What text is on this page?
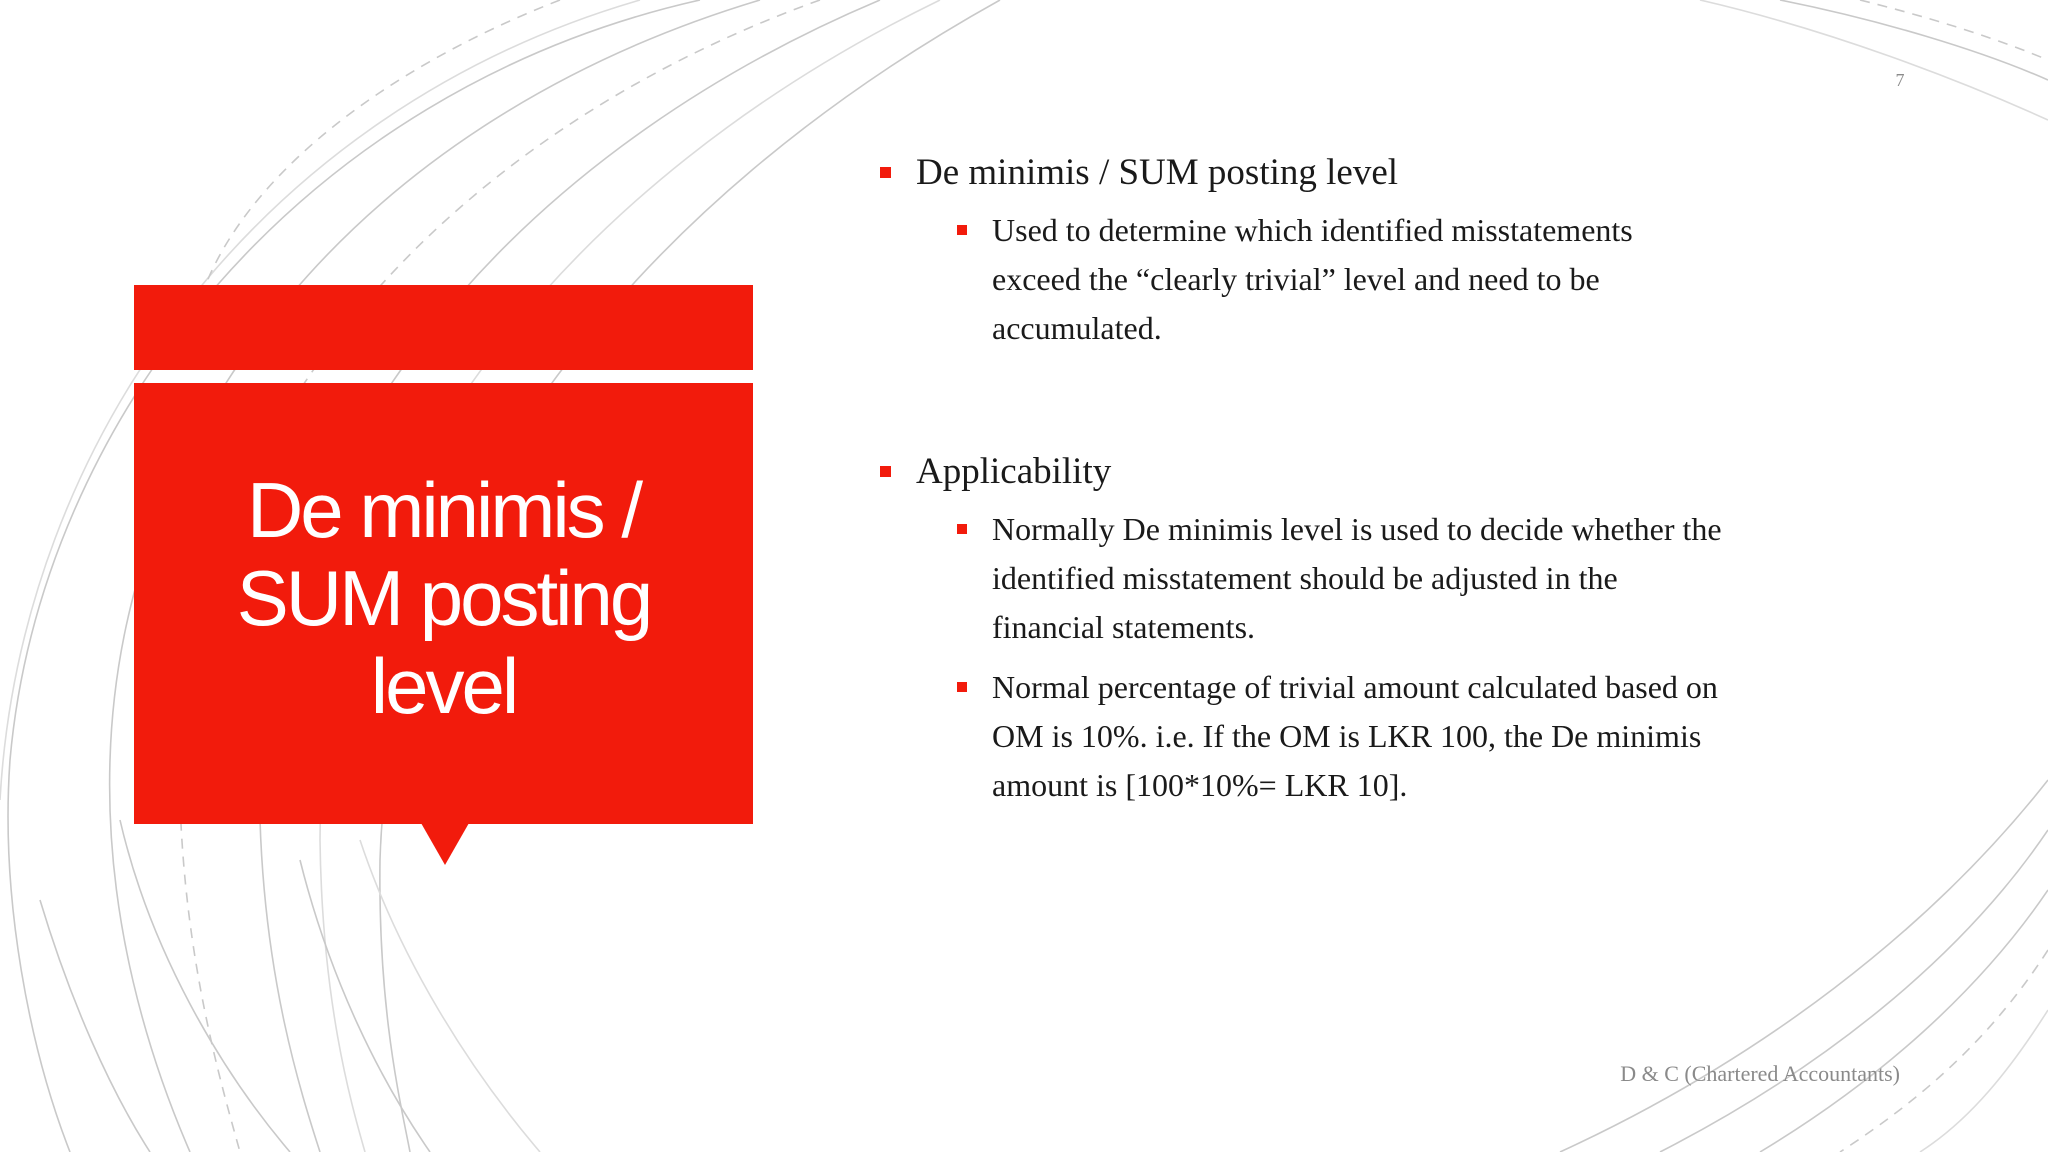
De minimis /
SUM posting
level
7

De minimis / SUM posting level

Used to determine which identified misstatements
exceed the “clearly trivial” level and need to be
accumulated.

Applicability

Normally De minimis level is used to decide whether the
identified misstatement should be adjusted in the
financial statements.

Normal percentage of trivial amount calculated based on
OM is 10%. i.e. If the OM is LKR 100, the De minimis
amount is [100*10%= LKR 10].

D & C (Chartered Accountants)
